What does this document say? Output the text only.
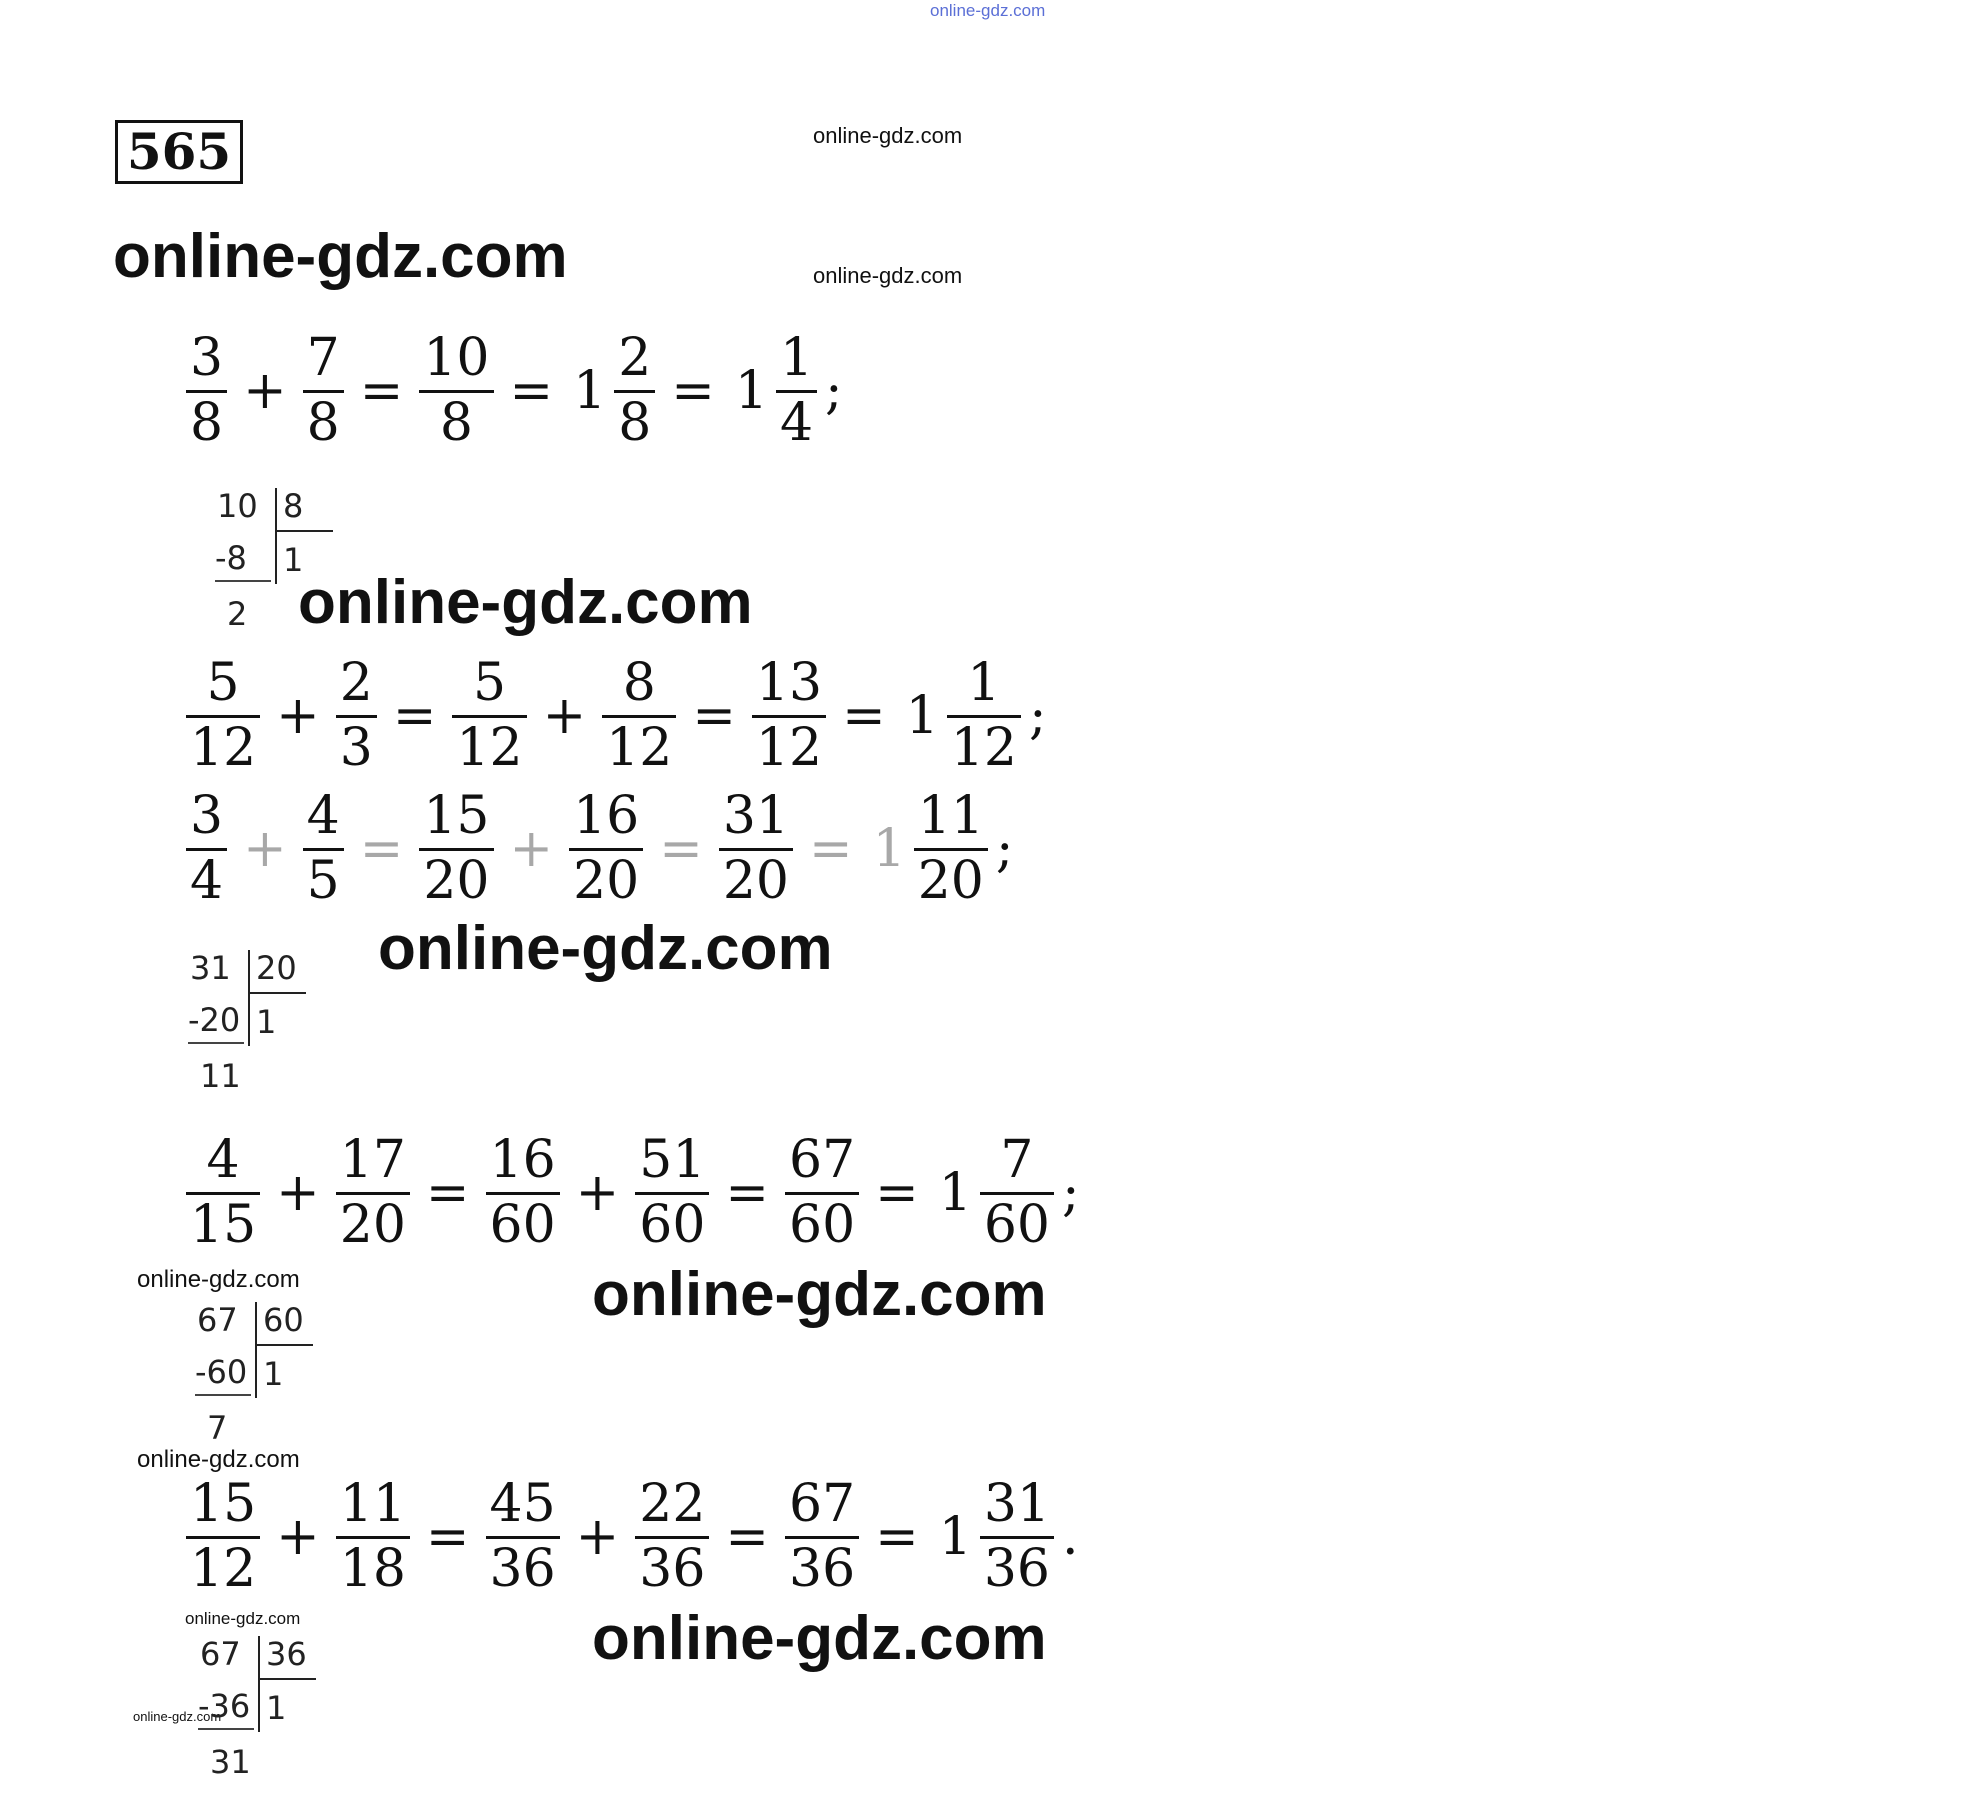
online-gdz.com
online-gdz.com
online-gdz.com
online-gdz.com
online-gdz.com
online-gdz.com
online-gdz.com	online-gdz.com
online-gdz.com
online-gdz.com	online-gdz.com
online-gdz.com
565
$\frac{3}{8} + \frac{7}{8} = \frac{10}{8} = 1 \frac{2}{8} = 1 \frac{1}{4}$ ;
$\frac{5}{12} + \frac{2}{3} = \frac{5}{12} + \frac{8}{12} = \frac{13}{12} = 1 \frac{1}{12}$ ;
$\frac{3}{4} + \frac{4}{5} = \frac{15}{20} + \frac{16}{20} = \frac{31}{20} = 1 \frac{11}{20}$ ;
$\frac{4}{15} + \frac{17}{20} = \frac{16}{60} + \frac{51}{60} = \frac{67}{60} = 1 \frac{7}{60}$ ;
$\frac{15}{12} + \frac{11}{18} = \frac{45}{36} + \frac{22}{36} = \frac{67}{36} = 1 \frac{31}{36}$ .
10 8
-8 1
2
31 20
-20 1
11
67 60
-60 1
7
67 36
-36 1
31
